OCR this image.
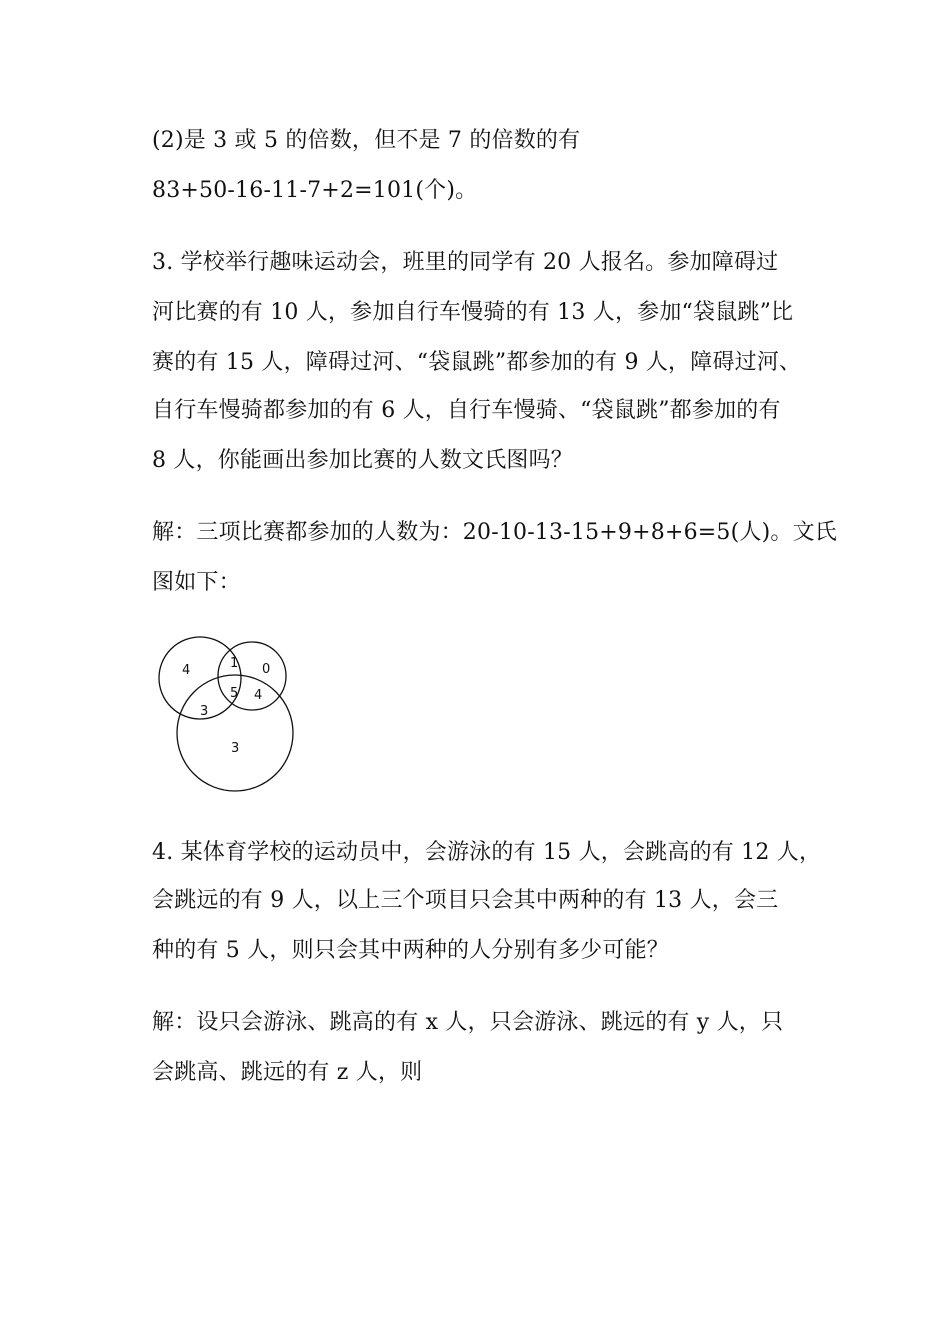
(2)是 3 或 5 的倍数，但不是 7 的倍数的有
83+50-16-11-7+2=101(个)。
3. 学校举行趣味运动会，班里的同学有 20 人报名。参加障碍过
河比赛的有 10 人，参加自行车慢骑的有 13 人，参加“袋鼠跳”比
赛的有 15 人，障碍过河、“袋鼠跳”都参加的有 9 人，障碍过河、
自行车慢骑都参加的有 6 人，自行车慢骑、“袋鼠跳”都参加的有
8 人，你能画出参加比赛的人数文氏图吗？
解：三项比赛都参加的人数为：20-10-13-15+9+8+6=5(人)。文氏
图如下：
4	1 0
5 4
3
3
4. 某体育学校的运动员中，会游泳的有 15 人，会跳高的有 12 人，
会跳远的有 9 人，以上三个项目只会其中两种的有 13 人，会三
种的有 5 人，则只会其中两种的人分别有多少可能？
解：设只会游泳、跳高的有 x 人，只会游泳、跳远的有 y 人，只
会跳高、跳远的有 z 人，则
